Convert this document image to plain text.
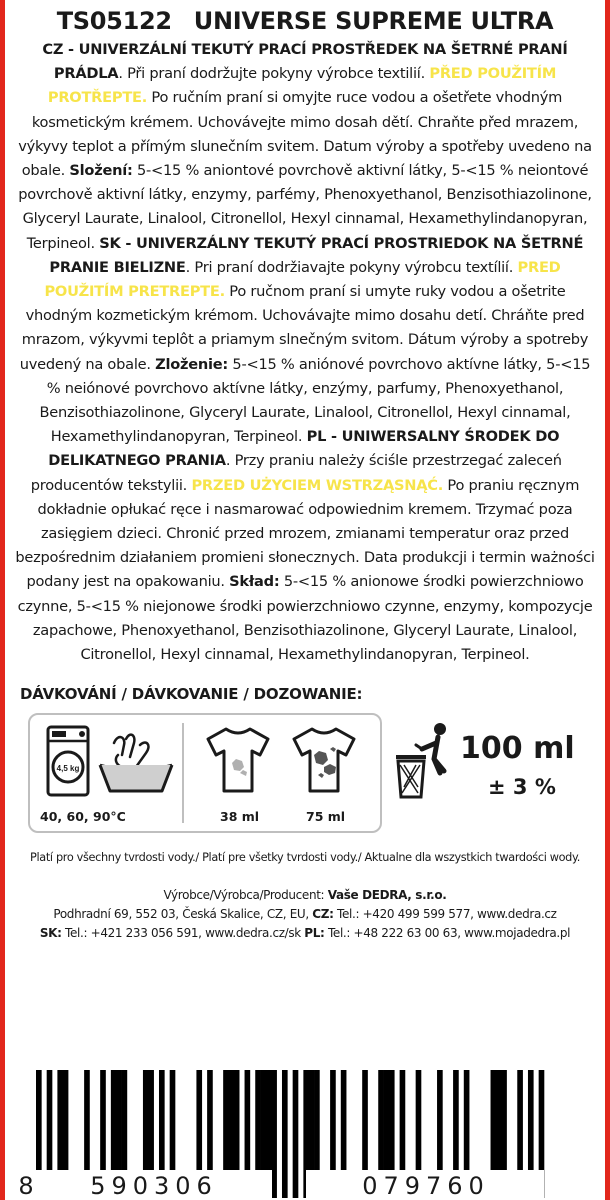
TS05122 UNIVERSE SUPREME ULTRA
CZ - UNIVERZÁLNÍ TEKUTÝ PRACÍ PROSTŘEDEK NA ŠETRNÉ PRANÍ PRÁDLA. Při praní dodržujte pokyny výrobce textilií. PŘED POUŽITÍM PROTŘEPTE. Po ručním praní si omyjte ruce vodou a ošetřete vhodným kosmetickým krémem. Uchovávejte mimo dosah dětí. Chraňte před mrazem, výkyvy teplot a přímým slunečním svitem. Datum výroby a spotřeby uvedeno na obale. Složení: 5-<15 % aniontové povrchově aktivní látky, 5-<15 % neiontové povrchově aktivní látky, enzymy, parfémy, Phenoxyethanol, Benzisothiazolinone, Glyceryl Laurate, Linalool, Citronellol, Hexyl cinnamal, Hexamethylindanopyran, Terpineol. SK - UNIVERZÁLNY TEKUTÝ PRACÍ PROSTRIEDOK NA ŠETRNÉ PRANIE BIELIZNE. Pri praní dodržiavajte pokyny výrobcu textílií. PRED POUŽITÍM PRETREPTE. Po ručnom praní si umyte ruky vodou a ošetrite vhodným kozmetickým krémom. Uchovávajte mimo dosahu detí. Chráňte pred mrazom, výkyvmi teplôt a priamym slnečným svitom. Dátum výroby a spotreby uvedený na obale. Zloženie: 5-<15 % aniónové povrchovo aktívne látky, 5-<15 % neiónové povrchovo aktívne látky, enzýmy, parfumy, Phenoxyethanol, Benzisothiazolinone, Glyceryl Laurate, Linalool, Citronellol, Hexyl cinnamal, Hexamethylindanopyran, Terpineol. PL - UNIWERSALNY ŚRODEK DO DELIKATNEGO PRANIA. Przy praniu należy ściśle przestrzegać zaleceń producentów tekstylii. PRZED UŻYCIEM WSTRZĄSNĄĆ. Po praniu ręcznym dokładnie opłukać ręce i nasmarować odpowiednim kremem. Trzymać poza zasięgiem dzieci. Chronić przed mrozem, zmianami temperatur oraz przed bezpośrednim działaniem promieni słonecznych. Data produkcji i termin ważności podany jest na opakowaniu. Skład: 5-<15 % anionowe środki powierzchniowo czynne, 5-<15 % niejonowe środki powierzchniowo czynne, enzymy, kompozycje zapachowe, Phenoxyethanol, Benzisothiazolinone, Glyceryl Laurate, Linalool, Citronellol, Hexyl cinnamal, Hexamethylindanopyran, Terpineol.
DÁVKOVÁNÍ / DÁVKOVANIE / DOZOWANIE:
4,5 kg
40, 60, 90°C	38 ml	75 ml
100 ml
± 3 %
Platí pro všechny tvrdosti vody./ Platí pre všetky tvrdosti vody./ Aktualne dla wszystkich twardości wody.
Výrobce/Výrobca/Producent: Vaše DEDRA, s.r.o.
Podhradní 69, 552 03, Česká Skalice, CZ, EU, CZ: Tel.: +420 499 599 577, www.dedra.cz
SK: Tel.: +421 233 056 591, www.dedra.cz/sk PL: Tel.: +48 222 63 00 63, www.mojadedra.pl
8 590306	079760
